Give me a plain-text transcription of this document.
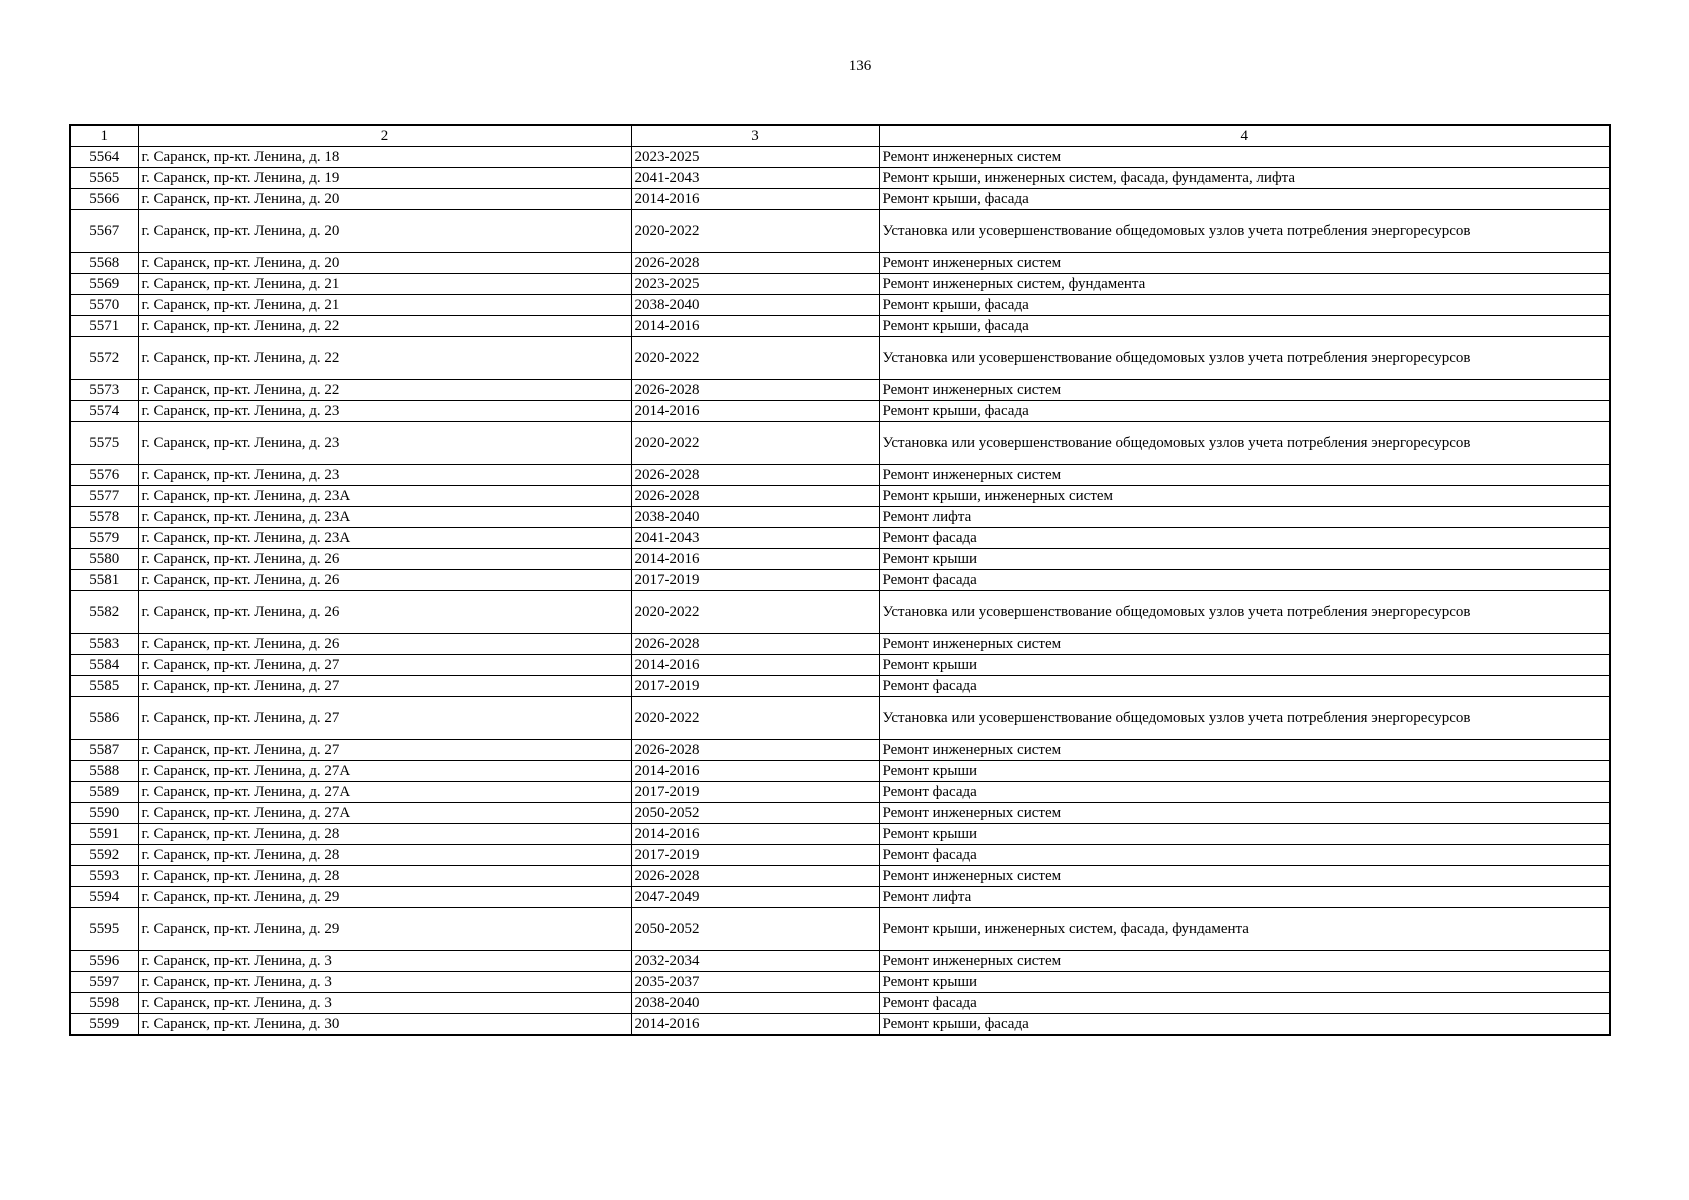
136
1	2	3	4
5564	г. Саранск, пр-кт. Ленина, д. 18	2023-2025	Ремонт инженерных систем
5565	г. Саранск, пр-кт. Ленина, д. 19	2041-2043	Ремонт крыши, инженерных систем, фасада, фундамента, лифта
5566	г. Саранск, пр-кт. Ленина, д. 20	2014-2016	Ремонт крыши, фасада
5567	г. Саранск, пр-кт. Ленина, д. 20	2020-2022	Установка или усовершенствование общедомовых узлов учета потребления энергоресурсов
5568	г. Саранск, пр-кт. Ленина, д. 20	2026-2028	Ремонт инженерных систем
5569	г. Саранск, пр-кт. Ленина, д. 21	2023-2025	Ремонт инженерных систем, фундамента
5570	г. Саранск, пр-кт. Ленина, д. 21	2038-2040	Ремонт крыши, фасада
5571	г. Саранск, пр-кт. Ленина, д. 22	2014-2016	Ремонт крыши, фасада
5572	г. Саранск, пр-кт. Ленина, д. 22	2020-2022	Установка или усовершенствование общедомовых узлов учета потребления энергоресурсов
5573	г. Саранск, пр-кт. Ленина, д. 22	2026-2028	Ремонт инженерных систем
5574	г. Саранск, пр-кт. Ленина, д. 23	2014-2016	Ремонт крыши, фасада
5575	г. Саранск, пр-кт. Ленина, д. 23	2020-2022	Установка или усовершенствование общедомовых узлов учета потребления энергоресурсов
5576	г. Саранск, пр-кт. Ленина, д. 23	2026-2028	Ремонт инженерных систем
5577	г. Саранск, пр-кт. Ленина, д. 23А	2026-2028	Ремонт крыши, инженерных систем
5578	г. Саранск, пр-кт. Ленина, д. 23А	2038-2040	Ремонт лифта
5579	г. Саранск, пр-кт. Ленина, д. 23А	2041-2043	Ремонт фасада
5580	г. Саранск, пр-кт. Ленина, д. 26	2014-2016	Ремонт крыши
5581	г. Саранск, пр-кт. Ленина, д. 26	2017-2019	Ремонт фасада
5582	г. Саранск, пр-кт. Ленина, д. 26	2020-2022	Установка или усовершенствование общедомовых узлов учета потребления энергоресурсов
5583	г. Саранск, пр-кт. Ленина, д. 26	2026-2028	Ремонт инженерных систем
5584	г. Саранск, пр-кт. Ленина, д. 27	2014-2016	Ремонт крыши
5585	г. Саранск, пр-кт. Ленина, д. 27	2017-2019	Ремонт фасада
5586	г. Саранск, пр-кт. Ленина, д. 27	2020-2022	Установка или усовершенствование общедомовых узлов учета потребления энергоресурсов
5587	г. Саранск, пр-кт. Ленина, д. 27	2026-2028	Ремонт инженерных систем
5588	г. Саранск, пр-кт. Ленина, д. 27А	2014-2016	Ремонт крыши
5589	г. Саранск, пр-кт. Ленина, д. 27А	2017-2019	Ремонт фасада
5590	г. Саранск, пр-кт. Ленина, д. 27А	2050-2052	Ремонт инженерных систем
5591	г. Саранск, пр-кт. Ленина, д. 28	2014-2016	Ремонт крыши
5592	г. Саранск, пр-кт. Ленина, д. 28	2017-2019	Ремонт фасада
5593	г. Саранск, пр-кт. Ленина, д. 28	2026-2028	Ремонт инженерных систем
5594	г. Саранск, пр-кт. Ленина, д. 29	2047-2049	Ремонт лифта
5595	г. Саранск, пр-кт. Ленина, д. 29	2050-2052	Ремонт крыши, инженерных систем, фасада, фундамента
5596	г. Саранск, пр-кт. Ленина, д. 3	2032-2034	Ремонт инженерных систем
5597	г. Саранск, пр-кт. Ленина, д. 3	2035-2037	Ремонт крыши
5598	г. Саранск, пр-кт. Ленина, д. 3	2038-2040	Ремонт фасада
5599	г. Саранск, пр-кт. Ленина, д. 30	2014-2016	Ремонт крыши, фасада
